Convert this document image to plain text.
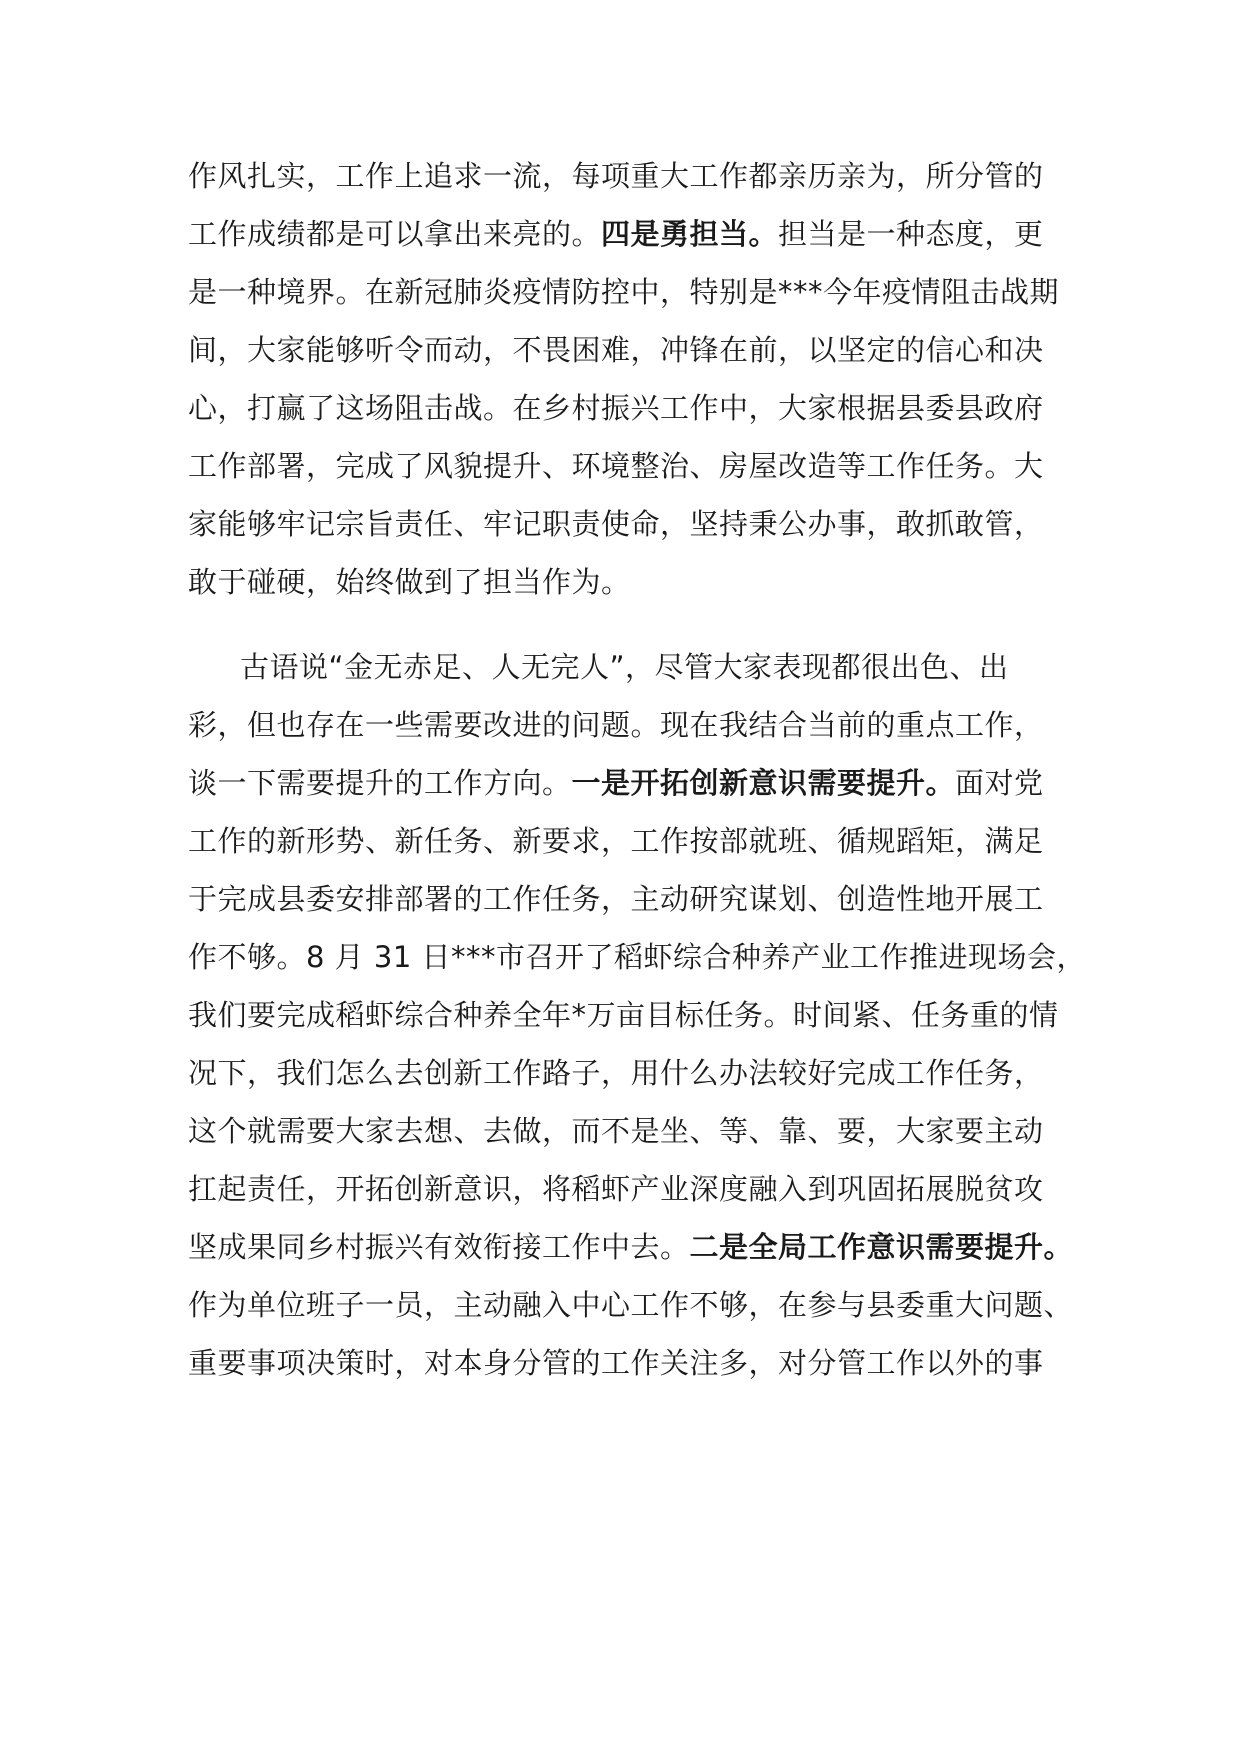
作风扎实，工作上追求一流，每项重大工作都亲历亲为，所分管的
工作成绩都是可以拿出来亮的。四是勇担当。担当是一种态度，更
是一种境界。在新冠肺炎疫情防控中，特别是***今年疫情阻击战期
间，大家能够听令而动，不畏困难，冲锋在前，以坚定的信心和决
心，打赢了这场阻击战。在乡村振兴工作中，大家根据县委县政府
工作部署，完成了风貌提升、环境整治、房屋改造等工作任务。大
家能够牢记宗旨责任、牢记职责使命，坚持秉公办事，敢抓敢管，
敢于碰硬，始终做到了担当作为。
古语说“金无赤足、人无完人”，尽管大家表现都很出色、出
彩，但也存在一些需要改进的问题。现在我结合当前的重点工作，
谈一下需要提升的工作方向。一是开拓创新意识需要提升。面对党
工作的新形势、新任务、新要求，工作按部就班、循规蹈矩，满足
于完成县委安排部署的工作任务，主动研究谋划、创造性地开展工
作不够。8 月 31 日***市召开了稻虾综合种养产业工作推进现场会，
我们要完成稻虾综合种养全年*万亩目标任务。时间紧、任务重的情
况下，我们怎么去创新工作路子，用什么办法较好完成工作任务，
这个就需要大家去想、去做，而不是坐、等、靠、要，大家要主动
扛起责任，开拓创新意识，将稻虾产业深度融入到巩固拓展脱贫攻
坚成果同乡村振兴有效衔接工作中去。二是全局工作意识需要提升。
作为单位班子一员，主动融入中心工作不够，在参与县委重大问题、
重要事项决策时，对本身分管的工作关注多，对分管工作以外的事
